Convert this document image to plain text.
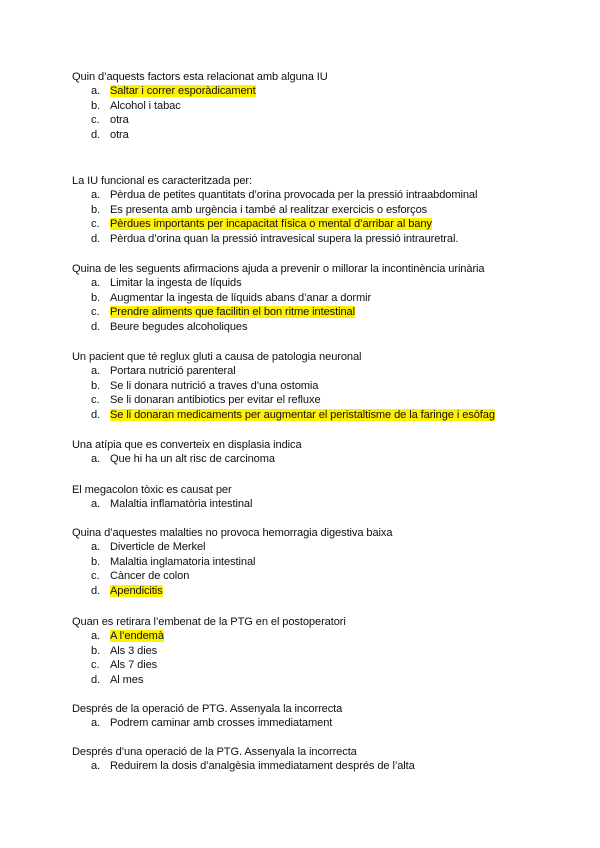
Quin d’aquests factors esta relacionat amb alguna IU
a. Saltar i correr esporàdicament
b. Alcohol i tabac
c. otra
d. otra
La IU funcional es caracteritzada per:
a. Pèrdua de petites quantitats d’orina provocada per la pressió intraabdominal
b. Es presenta amb urgència i també al realitzar exercicis o esforços
c. Pèrdues importants per incapacitat física o mental d’arribar al bany
d. Pèrdua d’orina quan la pressió intravesical supera la pressió intrauretral.
Quina de les seguents afirmacions ajuda a prevenir o millorar la incontinència urinària
a. Limitar la ingesta de líquids
b. Augmentar la ingesta de líquids abans d’anar a dormir
c. Prendre aliments que facilitin el bon ritme intestinal
d. Beure begudes alcoholiques
Un pacient que té reglux gluti a causa de patologia neuronal
a. Portara nutrició parenteral
b. Se li donara nutrició a traves d’una ostomia
c. Se li donaran antibiotics per evitar el refluxe
d. Se li donaran medicaments per augmentar el peristaltisme de la faringe i esòfag
Una atípia que es converteix en displasia indica
a. Que hi ha un alt risc de carcinoma
El megacolon tòxic es causat per
a. Malaltia inflamatòria intestinal
Quina d’aquestes malalties no provoca hemorragia digestiva baixa
a. Diverticle de Merkel
b. Malaltia inglamatoria intestinal
c. Càncer de colon
d. Apendicitis
Quan es retirara l’embenat de la PTG en el postoperatori
a. A l’endemà
b. Als 3 dies
c. Als 7 dies
d. Al mes
Després de la operació de PTG. Assenyala la incorrecta
a. Podrem caminar amb crosses immediatament
Després d’una operació de la PTG. Assenyala la incorrecta
a. Reduirem la dosis d’analgèsia immediatament després de l’alta
